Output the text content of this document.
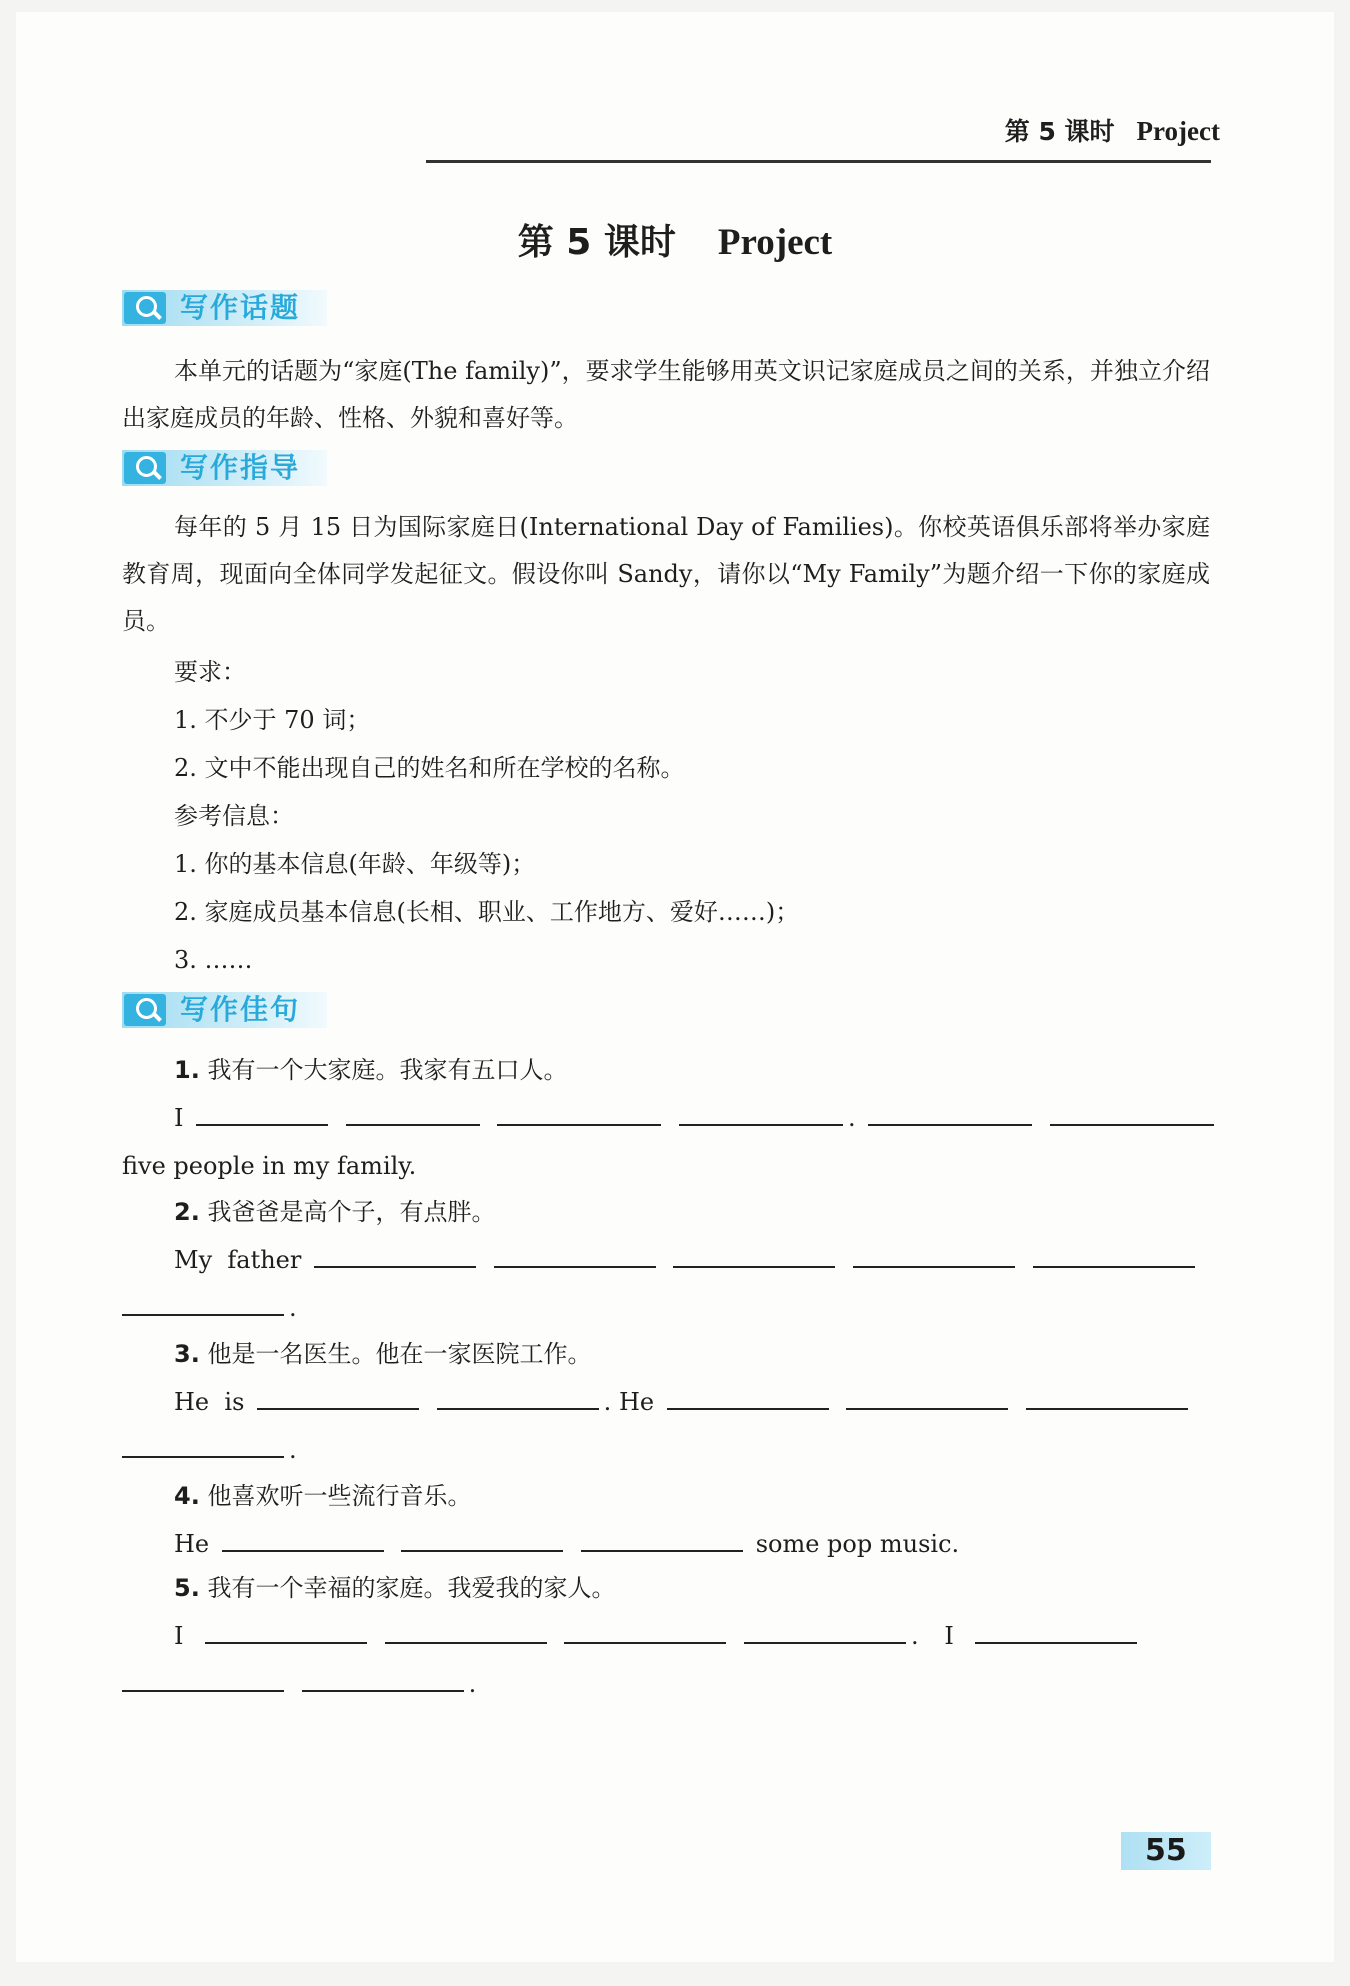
第 5 课时 Project
第 5 课时 Project
写作话题
本单元的话题为“家庭(The family)”，要求学生能够用英文识记家庭成员之间的关系，并独立介绍出家庭成员的年龄、性格、外貌和喜好等。
写作指导
每年的 5 月 15 日为国际家庭日(International Day of Families)。你校英语俱乐部将举办家庭教育周，现面向全体同学发起征文。假设你叫 Sandy，请你以“My Family”为题介绍一下你的家庭成员。
要求：
1. 不少于 70 词；
2. 文中不能出现自己的姓名和所在学校的名称。
参考信息：
1. 你的基本信息(年龄、年级等)；
2. 家庭成员基本信息(长相、职业、工作地方、爱好……)；
3. ……
写作佳句
1. 我有一个大家庭。我家有五口人。
I	.
five people in my family.
2. 我爸爸是高个子，有点胖。
My  father
.
3. 他是一名医生。他在一家医院工作。
He  is	. He
.
4. 他喜欢听一些流行音乐。
He	some pop music.
5. 我有一个幸福的家庭。我爱我的家人。
I	. I
.
55
